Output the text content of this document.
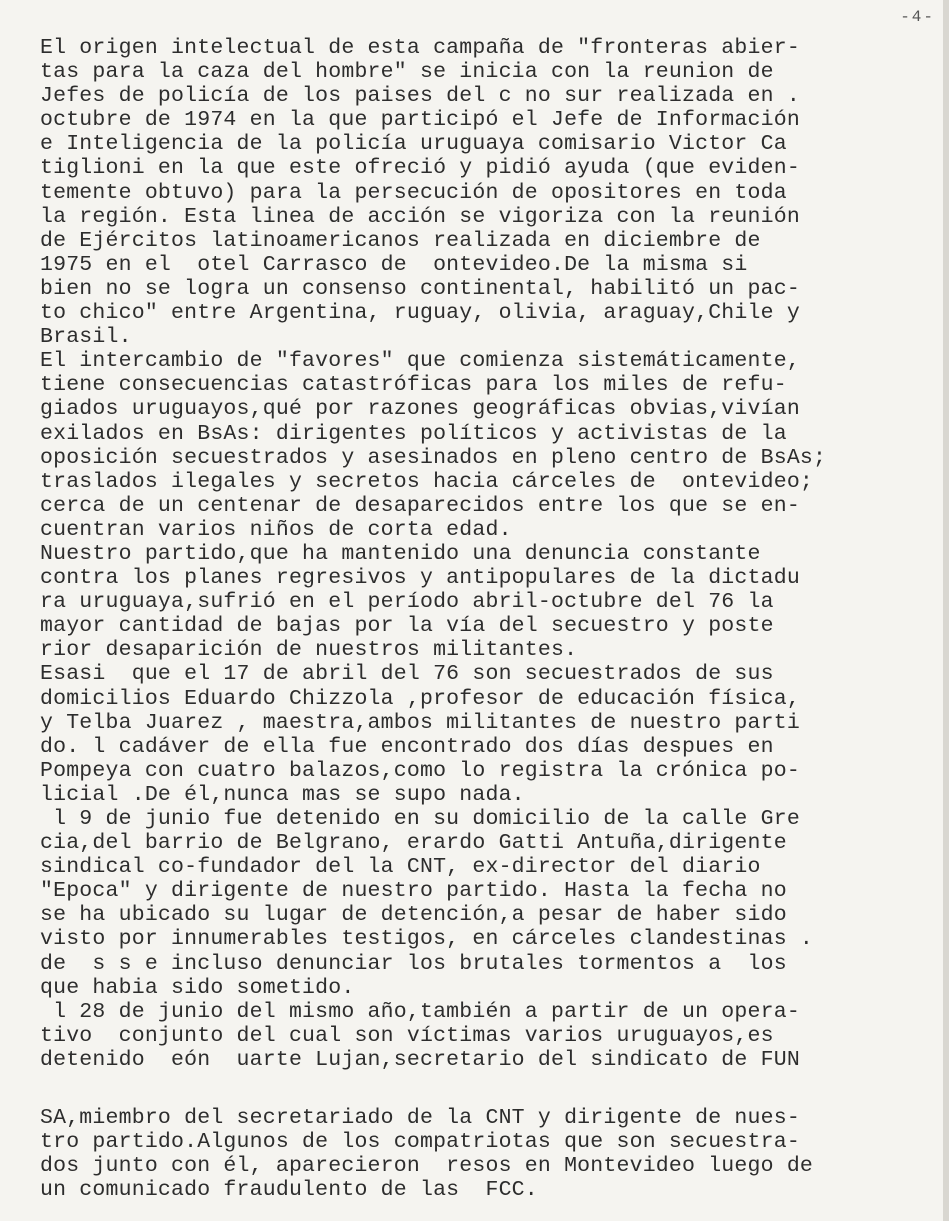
-4-
El origen intelectual de esta campaña de "fronteras abier-
tas para la caza del hombre" se inicia con la reunion de
Jefes de policía de los paises del c no sur realizada en .
octubre de 1974 en la que participó el Jefe de Información
e Inteligencia de la policía uruguaya comisario Victor Ca
tiglioni en la que este ofreció y pidió ayuda (que eviden-
temente obtuvo) para la persecución de opositores en toda
la región. Esta linea de acción se vigoriza con la reunión
de Ejércitos latinoamericanos realizada en diciembre de
1975 en el  otel Carrasco de  ontevideo.De la misma si
bien no se logra un consenso continental, habilitó un pac-
to chico" entre Argentina, ruguay, olivia, araguay,Chile y
Brasil.
El intercambio de "favores" que comienza sistemáticamente,
tiene consecuencias catastróficas para los miles de refu-
giados uruguayos,qué por razones geográficas obvias,vivían
exilados en BsAs: dirigentes políticos y activistas de la
oposición secuestrados y asesinados en pleno centro de BsAs;
traslados ilegales y secretos hacia cárceles de  ontevideo;
cerca de un centenar de desaparecidos entre los que se en-
cuentran varios niños de corta edad.
Nuestro partido,que ha mantenido una denuncia constante
contra los planes regresivos y antipopulares de la dictadu
ra uruguaya,sufrió en el período abril-octubre del 76 la
mayor cantidad de bajas por la vía del secuestro y poste
rior desaparición de nuestros militantes.
Esasi  que el 17 de abril del 76 son secuestrados de sus
domicilios Eduardo Chizzola ,profesor de educación física,
y Telba Juarez , maestra,ambos militantes de nuestro parti
do. l cadáver de ella fue encontrado dos días despues en
Pompeya con cuatro balazos,como lo registra la crónica po-
licial .De él,nunca mas se supo nada.
l 9 de junio fue detenido en su domicilio de la calle Gre
cia,del barrio de Belgrano, erardo Gatti Antuña,dirigente
sindical co-fundador del la CNT, ex-director del diario
"Epoca" y dirigente de nuestro partido. Hasta la fecha no
se ha ubicado su lugar de detención,a pesar de haber sido
visto por innumerables testigos, en cárceles clandestinas .
de  s s e incluso denunciar los brutales tormentos a  los
que habia sido sometido.
l 28 de junio del mismo año,también a partir de un opera-
tivo  conjunto del cual son víctimas varios uruguayos,es
detenido  eón  uarte Lujan,secretario del sindicato de FUN
SA,miembro del secretariado de la CNT y dirigente de nues-
tro partido.Algunos de los compatriotas que son secuestra-
dos junto con él, aparecieron  resos en Montevideo luego de
un comunicado fraudulento de las  FCC.
